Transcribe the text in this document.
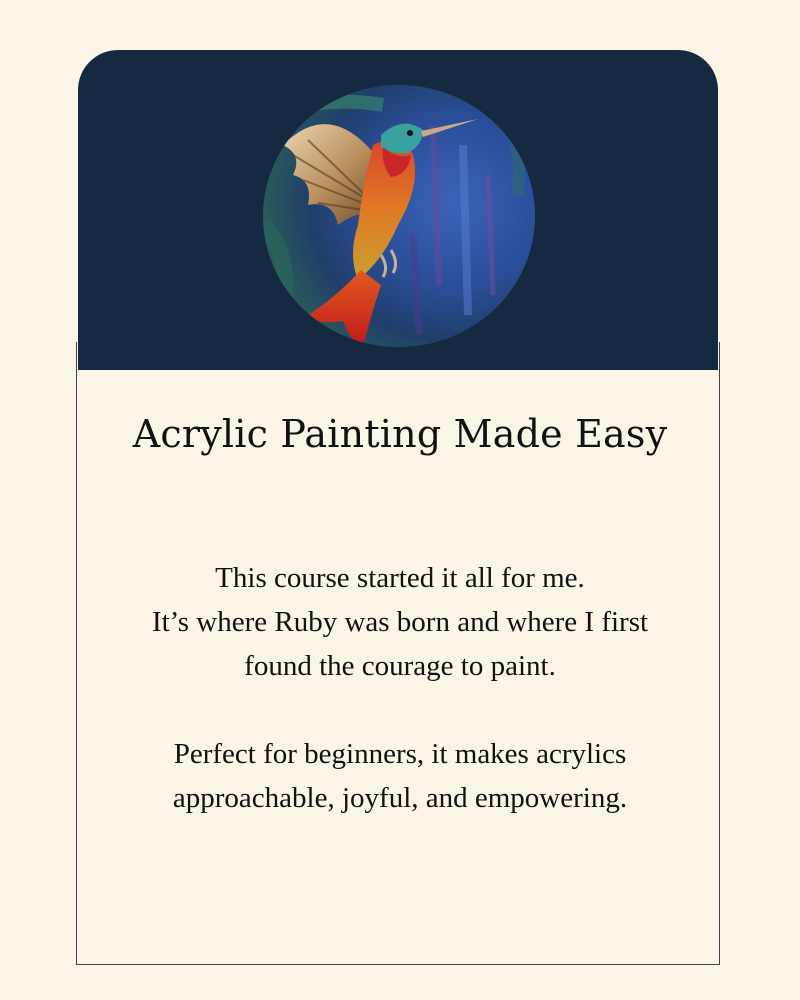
Acrylic Painting Made Easy

This course started it all for me.

It’s where Ruby was born and where I first

found the courage to paint.

Perfect for beginners, it makes acrylics

approachable, joyful, and empowering.
